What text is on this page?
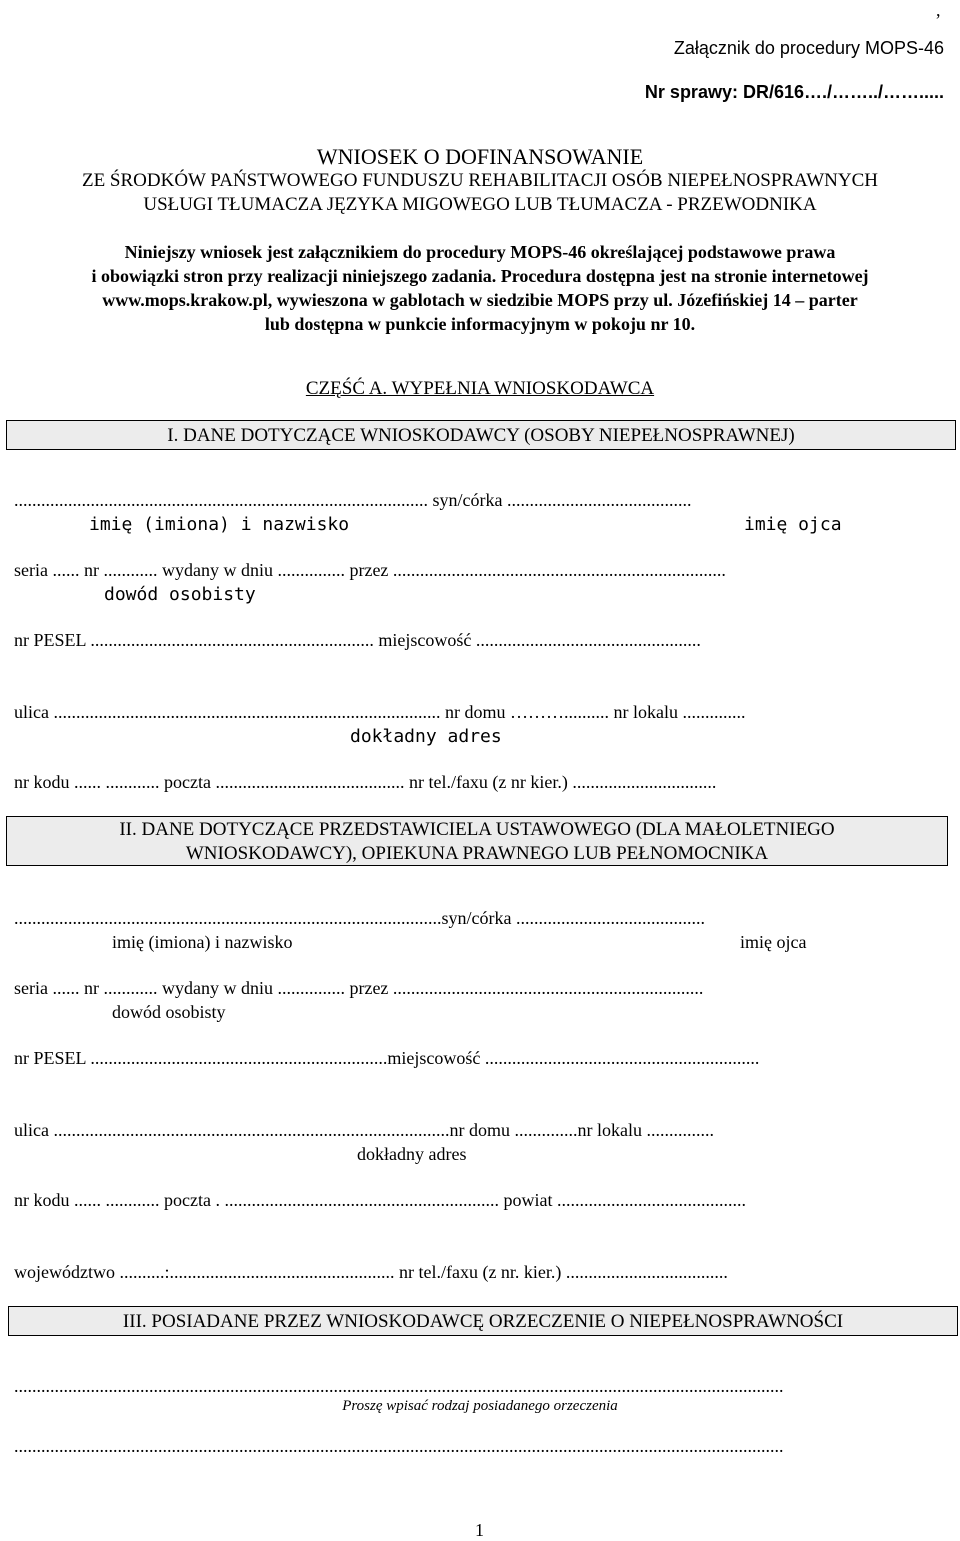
,
Załącznik do procedury MOPS-46
Nr sprawy: DR/616…./……../…….....
WNIOSEK O DOFINANSOWANIE
ZE ŚRODKÓW PAŃSTWOWEGO FUNDUSZU REHABILITACJI OSÓB NIEPEŁNOSPRAWNYCH
USŁUGI TŁUMACZA JĘZYKA MIGOWEGO LUB TŁUMACZA - PRZEWODNIKA
Niniejszy wniosek jest załącznikiem do procedury MOPS-46 określającej podstawowe prawa
i obowiązki stron przy realizacji niniejszego zadania. Procedura dostępna jest na stronie internetowej
www.mops.krakow.pl, wywieszona w gablotach w siedzibie MOPS przy ul. Józefińskiej 14 – parter
lub dostępna w punkcie informacyjnym w pokoju nr 10.
CZĘŚĆ A. WYPEŁNIA WNIOSKODAWCA
I. DANE DOTYCZĄCE WNIOSKODAWCY (OSOBY NIEPEŁNOSPRAWNEJ)
............................................................................................ syn/córka .........................................
imię (imiona) i nazwisko	imię ojca
seria ...... nr ............ wydany w dniu ............... przez ..........................................................................
dowód osobisty
nr PESEL ............................................................... miejscowość ..................................................
ulica ...................................................................................... nr domu ……….......... nr lokalu ..............
dokładny adres
nr kodu ...... ............ poczta .......................................... nr tel./faxu (z nr kier.) ................................
II. DANE DOTYCZĄCE PRZEDSTAWICIELA USTAWOWEGO (DLA MAŁOLETNIEGO
WNIOSKODAWCY), OPIEKUNA PRAWNEGO LUB PEŁNOMOCNIKA
...............................................................................................syn/córka ..........................................
imię (imiona) i nazwisko	imię ojca
seria ...... nr ............ wydany w dniu ............... przez .....................................................................
dowód osobisty
nr PESEL ..................................................................miejscowość .............................................................
ulica ........................................................................................nr domu ..............nr lokalu ...............
dokładny adres
nr kodu ...... ............ poczta . ............................................................. powiat ..........................................
województwo ..........:.................................................. nr tel./faxu (z nr. kier.) ....................................
III. POSIADANE PRZEZ WNIOSKODAWCĘ ORZECZENIE O NIEPEŁNOSPRAWNOŚCI
...........................................................................................................................................................................
Proszę wpisać rodzaj posiadanego orzeczenia
...........................................................................................................................................................................
1
